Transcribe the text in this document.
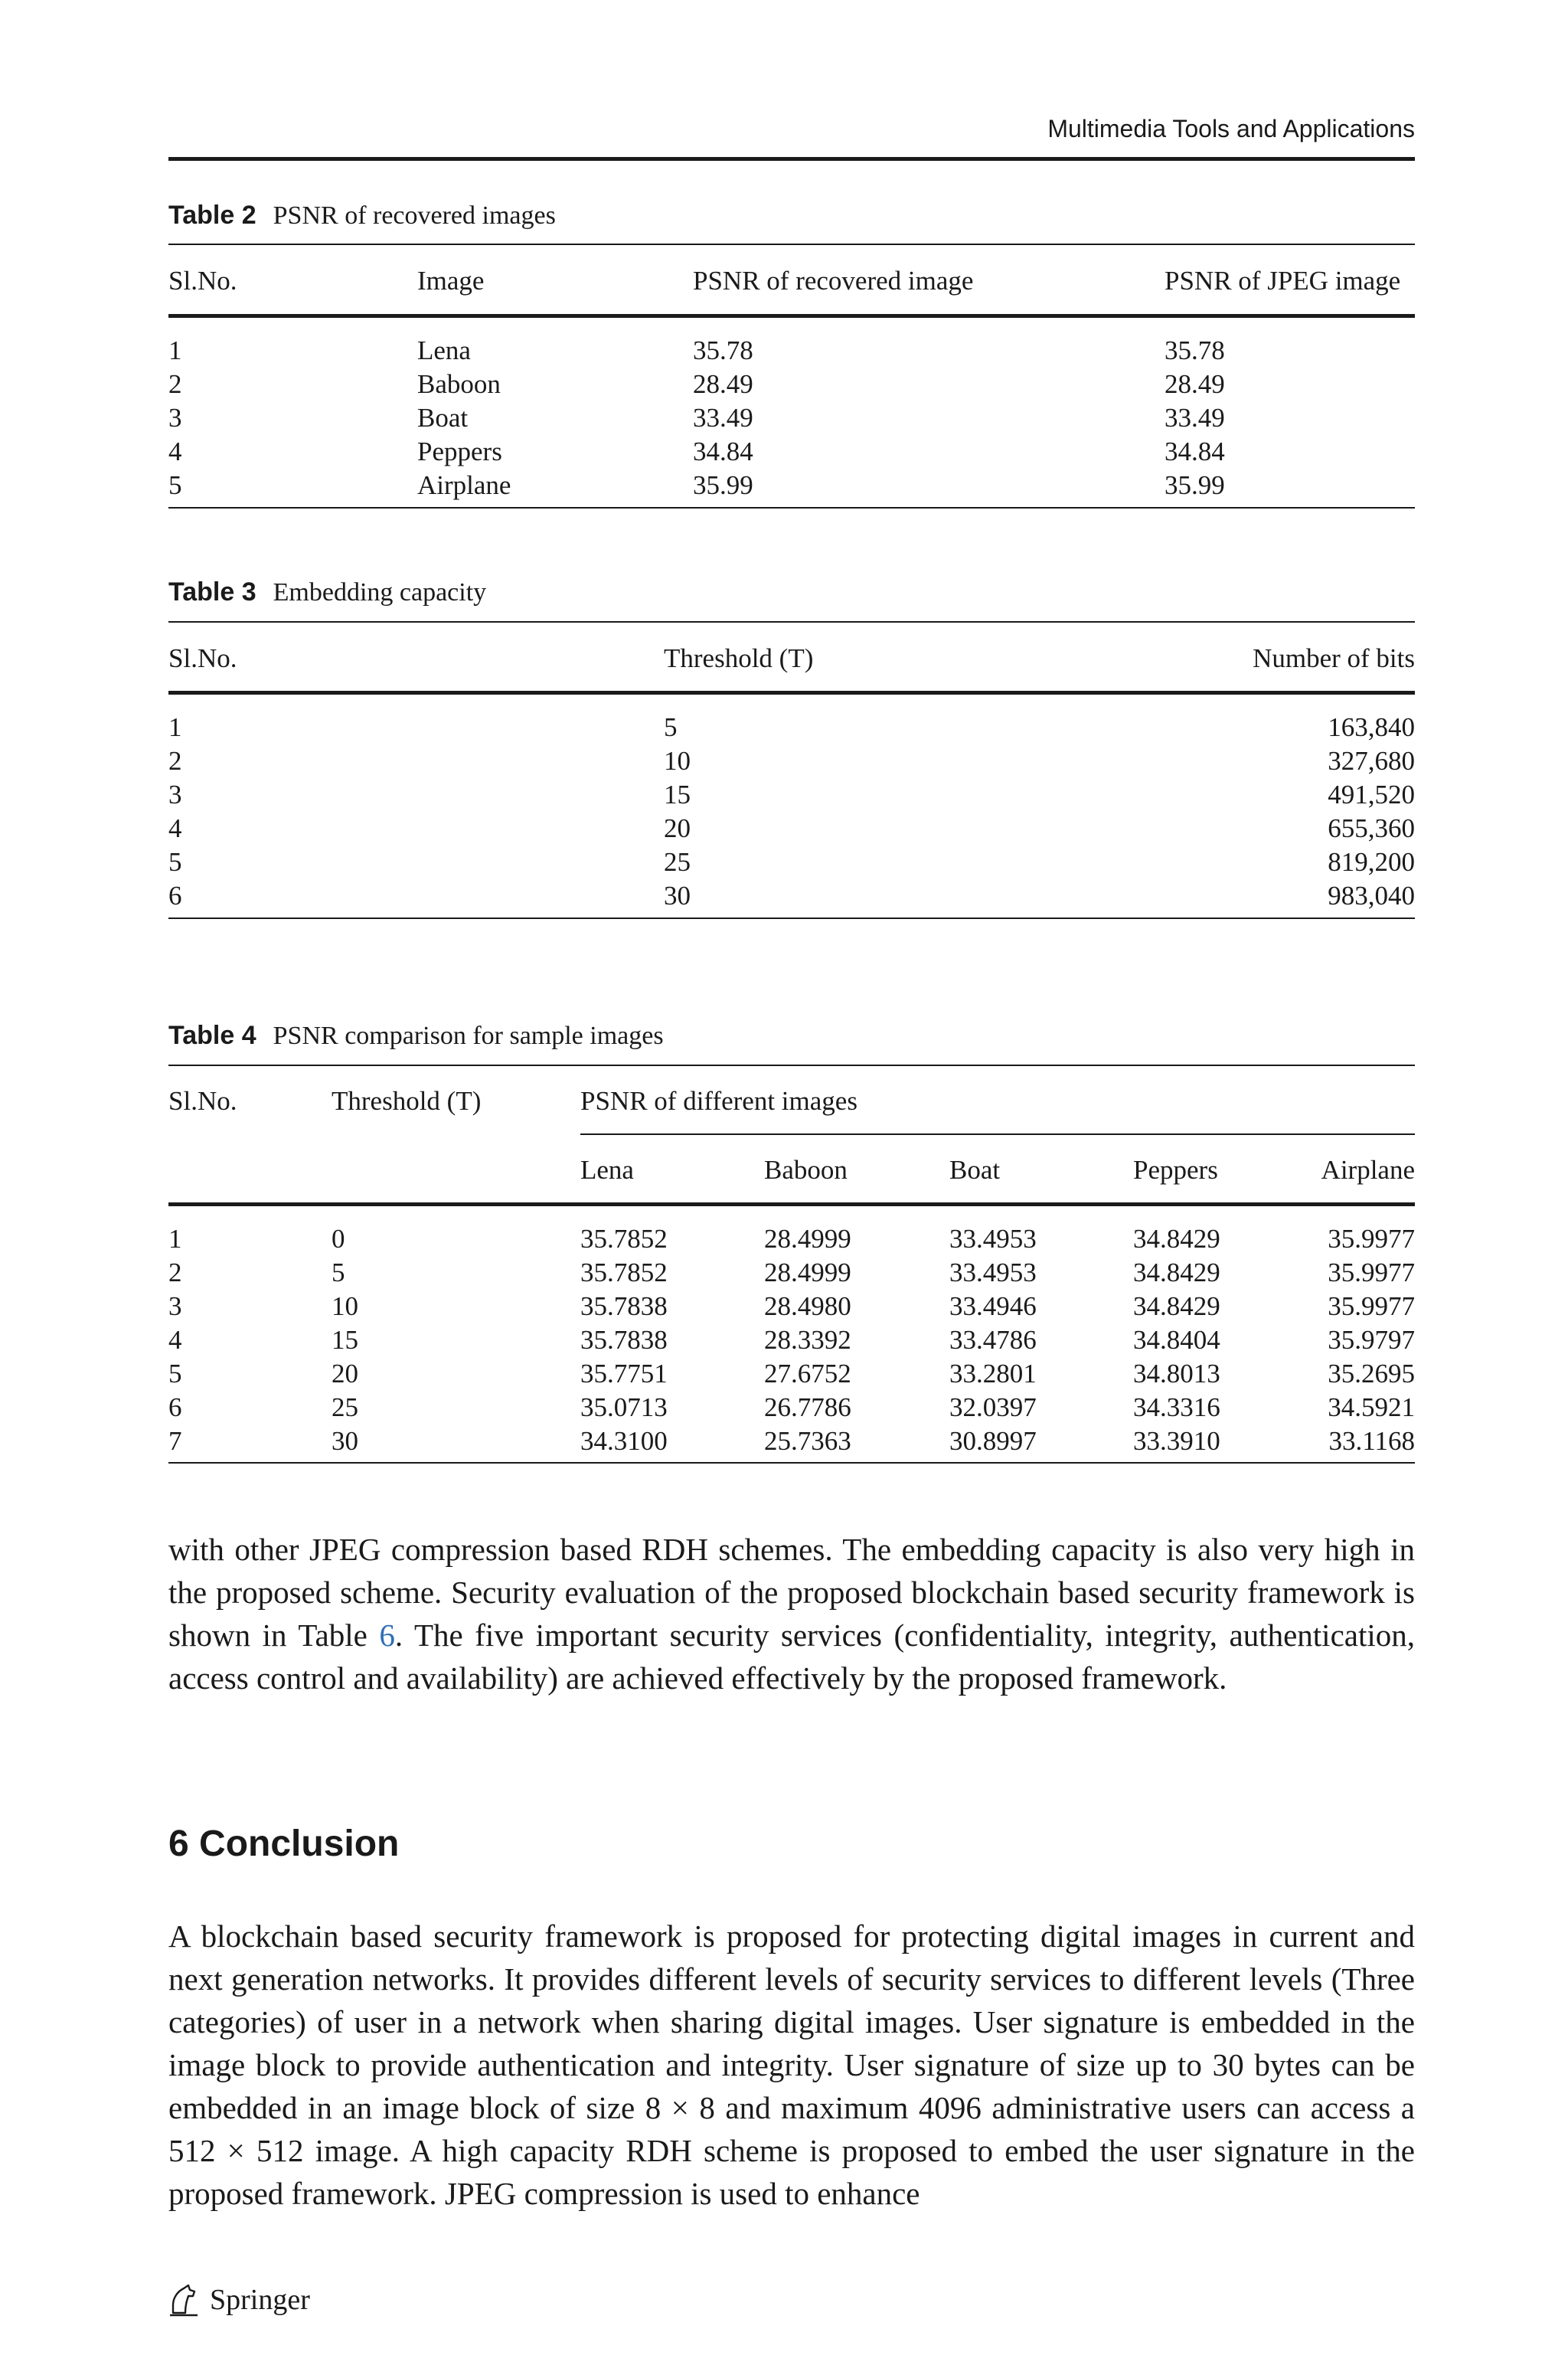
Multimedia Tools and Applications
Table 2 PSNR of recovered images
Sl.No.	Image	PSNR of recovered image	PSNR of JPEG image
1	Lena	35.78	35.78
2	Baboon	28.49	28.49
3	Boat	33.49	33.49
4	Peppers	34.84	34.84
5	Airplane	35.99	35.99
Table 3 Embedding capacity
Sl.No.	Threshold (T)	Number of bits
1	5	163,840
2	10	327,680
3	15	491,520
4	20	655,360
5	25	819,200
6	30	983,040
Table 4 PSNR comparison for sample images
Sl.No.	Threshold (T)	PSNR of different images
Lena	Baboon	Boat	Peppers	Airplane
1	0	35.7852	28.4999	33.4953	34.8429	35.9977
2	5	35.7852	28.4999	33.4953	34.8429	35.9977
3	10	35.7838	28.4980	33.4946	34.8429	35.9977
4	15	35.7838	28.3392	33.4786	34.8404	35.9797
5	20	35.7751	27.6752	33.2801	34.8013	35.2695
6	25	35.0713	26.7786	32.0397	34.3316	34.5921
7	30	34.3100	25.7363	30.8997	33.3910	33.1168

with other JPEG compression based RDH schemes. The embedding capacity is also very high in the proposed scheme. Security evaluation of the proposed blockchain based security framework is shown in Table 6. The five important security services (confidentiality, integrity, authentication, access control and availability) are achieved effectively by the proposed framework.

6 Conclusion

A blockchain based security framework is proposed for protecting digital images in current and next generation networks. It provides different levels of security services to different levels (Three categories) of user in a network when sharing digital images. User signature is embedded in the image block to provide authentication and integrity. User signature of size up to 30 bytes can be embedded in an image block of size 8 × 8 and maximum 4096 administrative users can access a 512 × 512 image. A high capacity RDH scheme is proposed to embed the user signature in the proposed framework. JPEG compression is used to enhance

Springer
